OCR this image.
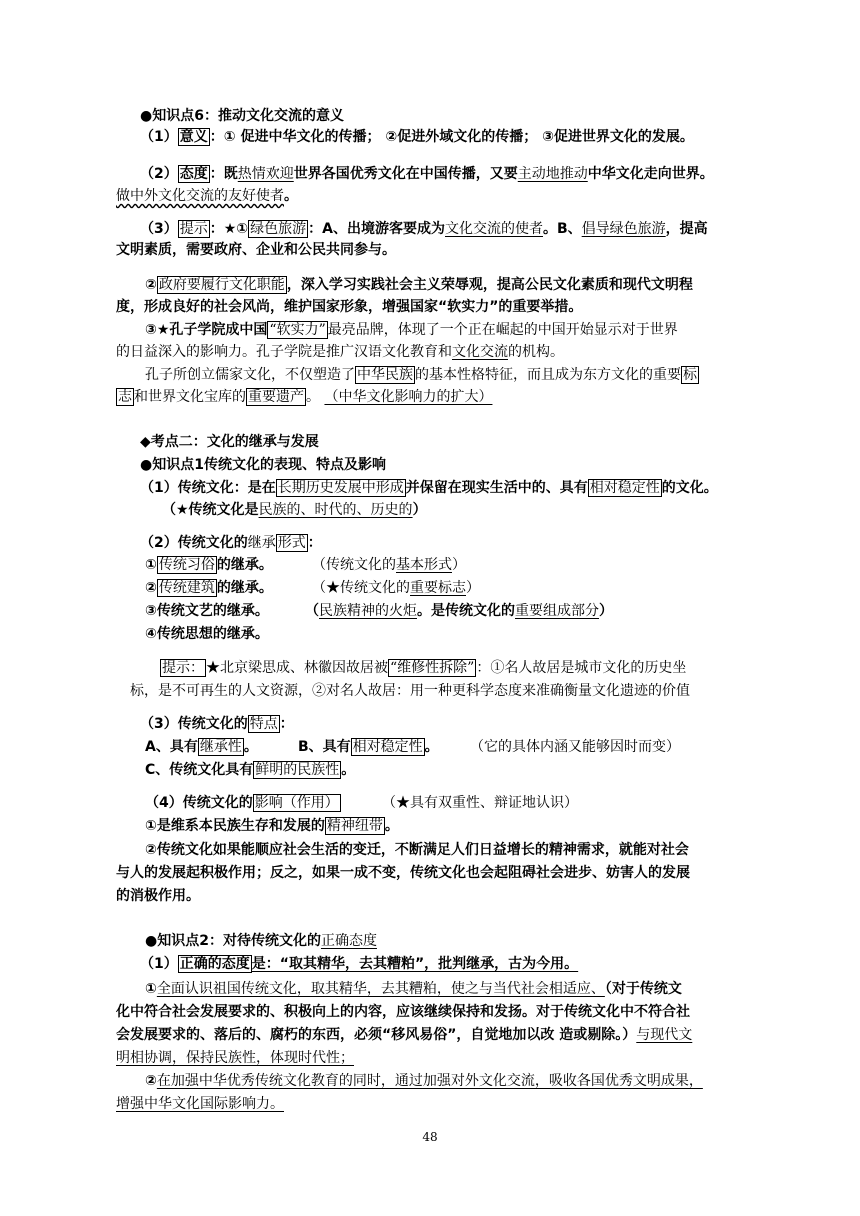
●知识点6：推动文化交流的意义
（1） 意义 ：① 促进中华文化的传播； ②促进外域文化的传播； ③促进世界文化的发展。
（2） 态度 ：既热情欢迎世界各国优秀文化在中国传播，又要主动地推动中华文化走向世界。
做中外文化交流的友好使者。
（3） 提示 ：★① 绿色旅游 ：A、出境游客要成为文化交流的使者。B、倡导绿色旅游，提高
文明素质，需要政府、企业和公民共同参与。
② 政府要履行文化职能 ，深入学习实践社会主义荣辱观，提高公民文化素质和现代文明程
度，形成良好的社会风尚，维护国家形象，增强国家“软实力”的重要举措。
③★孔子学院成中国 “软实力” 最亮品牌，体现了一个正在崛起的中国开始显示对于世界
的日益深入的影响力。孔子学院是推广汉语文化教育和文化交流的机构。
孔子所创立儒家文化，不仅塑造了 中华民族 的基本性格特征，而且成为东方文化的重要 标
志 和世界文化宝库的 重要遗产 。 （中华文化影响力的扩大）
◆考点二：文化的继承与发展
●知识点1传统文化的表现、特点及影响
（1）传统文化：是在 长期历史发展中形成 并保留在现实生活中的、具有 相对稳定性 的文化。
（★传统文化是民族的、时代的、历史的）
（2）传统文化的继承 形式 ：
① 传统习俗 的继承。	（传统文化的基本形式）
② 传统建筑 的继承。	（★传统文化的重要标志）
③传统文艺的继承。	（民族精神的火炬。是传统文化的重要组成部分）
④传统思想的继承。
提示： ★北京梁思成、林徽因故居被 “维修性拆除” ：①名人故居是城市文化的历史坐
标，是不可再生的人文资源，②对名人故居：用一种更科学态度来准确衡量文化遗迹的价值
（3）传统文化的 特点 ：
A、具有 继承性 。	B、具有 相对稳定性 。 （它的具体内涵又能够因时而变）
C、传统文化具有 鲜明的民族性 。
（4）传统文化的 影响（作用）	（★具有双重性、辩证地认识）
①是维系本民族生存和发展的 精神纽带 。
②传统文化如果能顺应社会生活的变迁，不断满足人们日益增长的精神需求，就能对社会
与人的发展起积极作用；反之，如果一成不变，传统文化也会起阻碍社会进步、妨害人的发展
的消极作用。
●知识点2：对待传统文化的正确态度
（1） 正确的态度 是：“取其精华，去其糟粕”，批判继承，古为今用。
①全面认识祖国传统文化，取其精华，去其糟粕，使之与当代社会相适应、（对于传统文
化中符合社会发展要求的、积极向上的内容，应该继续保持和发扬。对于传统文化中不符合社
会发展要求的、落后的、腐朽的东西，必须“移风易俗”，自觉地加以改 造或剔除。）与现代文
明相协调，保持民族性，体现时代性；
②在加强中华优秀传统文化教育的同时，通过加强对外文化交流，吸收各国优秀文明成果，
增强中华文化国际影响力。
48
